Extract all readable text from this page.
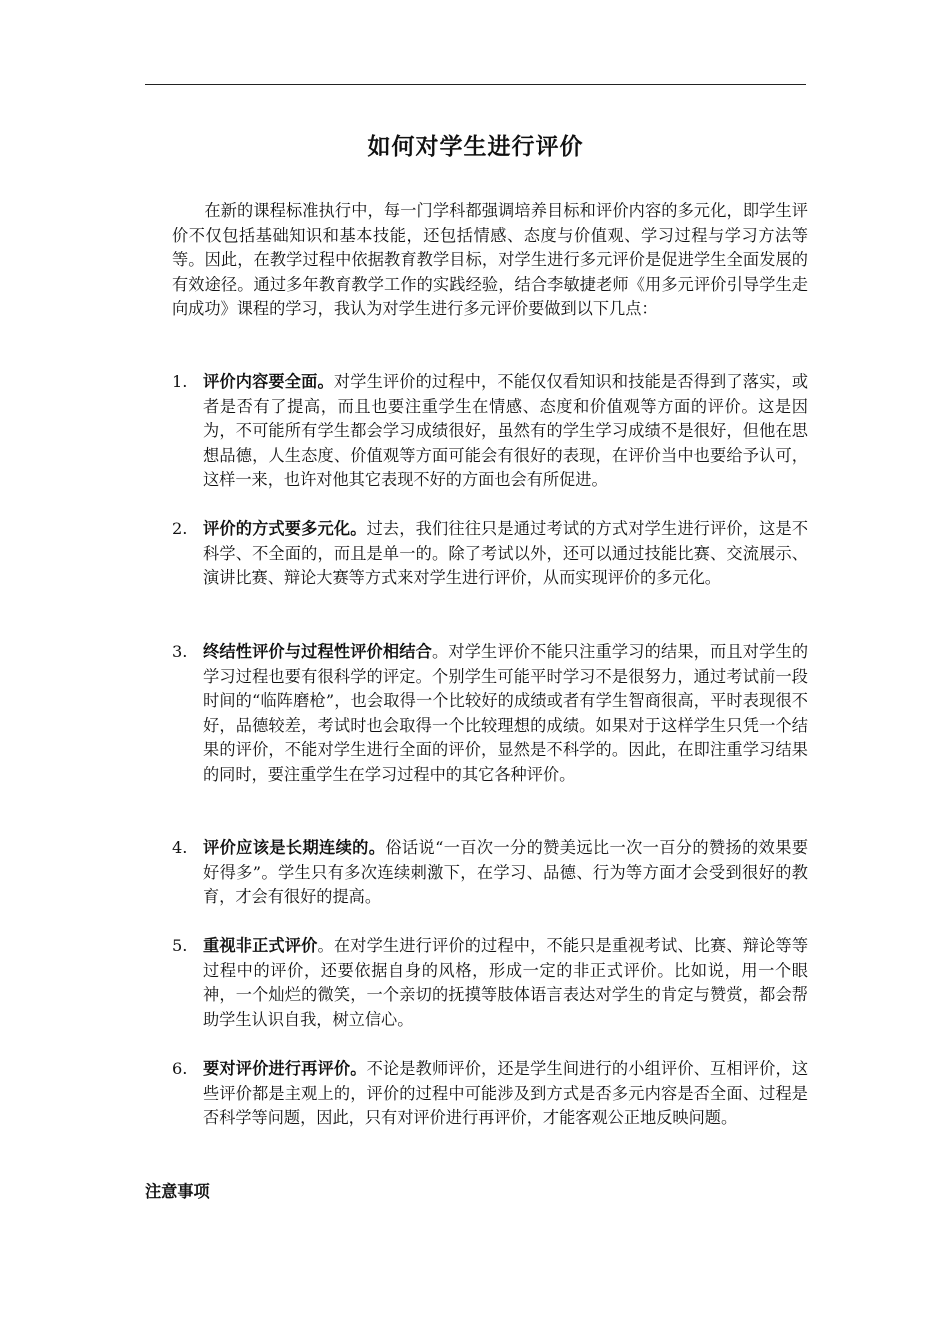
如何对学生进行评价

在新的课程标准执行中，每一门学科都强调培养目标和评价内容的多元化，即学生评价不仅包括基础知识和基本技能，还包括情感、态度与价值观、学习过程与学习方法等等。因此，在教学过程中依据教育教学目标，对学生进行多元评价是促进学生全面发展的有效途径。通过多年教育教学工作的实践经验，结合李敏捷老师《用多元评价引导学生走向成功》课程的学习，我认为对学生进行多元评价要做到以下几点：

1. 评价内容要全面。对学生评价的过程中，不能仅仅看知识和技能是否得到了落实，或者是否有了提高，而且也要注重学生在情感、态度和价值观等方面的评价。这是因为，不可能所有学生都会学习成绩很好，虽然有的学生学习成绩不是很好，但他在思想品德，人生态度、价值观等方面可能会有很好的表现，在评价当中也要给予认可，这样一来，也许对他其它表现不好的方面也会有所促进。
2. 评价的方式要多元化。过去，我们往往只是通过考试的方式对学生进行评价，这是不科学、不全面的，而且是单一的。除了考试以外，还可以通过技能比赛、交流展示、演讲比赛、辩论大赛等方式来对学生进行评价，从而实现评价的多元化。
3. 终结性评价与过程性评价相结合。对学生评价不能只注重学习的结果，而且对学生的学习过程也要有很科学的评定。个别学生可能平时学习不是很努力，通过考试前一段时间的“临阵磨枪”，也会取得一个比较好的成绩或者有学生智商很高，平时表现很不好，品德较差，考试时也会取得一个比较理想的成绩。如果对于这样学生只凭一个结果的评价，不能对学生进行全面的评价，显然是不科学的。因此，在即注重学习结果的同时，要注重学生在学习过程中的其它各种评价。
4. 评价应该是长期连续的。俗话说“一百次一分的赞美远比一次一百分的赞扬的效果要好得多”。学生只有多次连续刺激下，在学习、品德、行为等方面才会受到很好的教育，才会有很好的提高。
5. 重视非正式评价。在对学生进行评价的过程中，不能只是重视考试、比赛、辩论等等过程中的评价，还要依据自身的风格，形成一定的非正式评价。比如说，用一个眼神，一个灿烂的微笑，一个亲切的抚摸等肢体语言表达对学生的肯定与赞赏，都会帮助学生认识自我，树立信心。
6. 要对评价进行再评价。不论是教师评价，还是学生间进行的小组评价、互相评价，这些评价都是主观上的，评价的过程中可能涉及到方式是否多元内容是否全面、过程是否科学等问题，因此，只有对评价进行再评价，才能客观公正地反映问题。
注意事项
